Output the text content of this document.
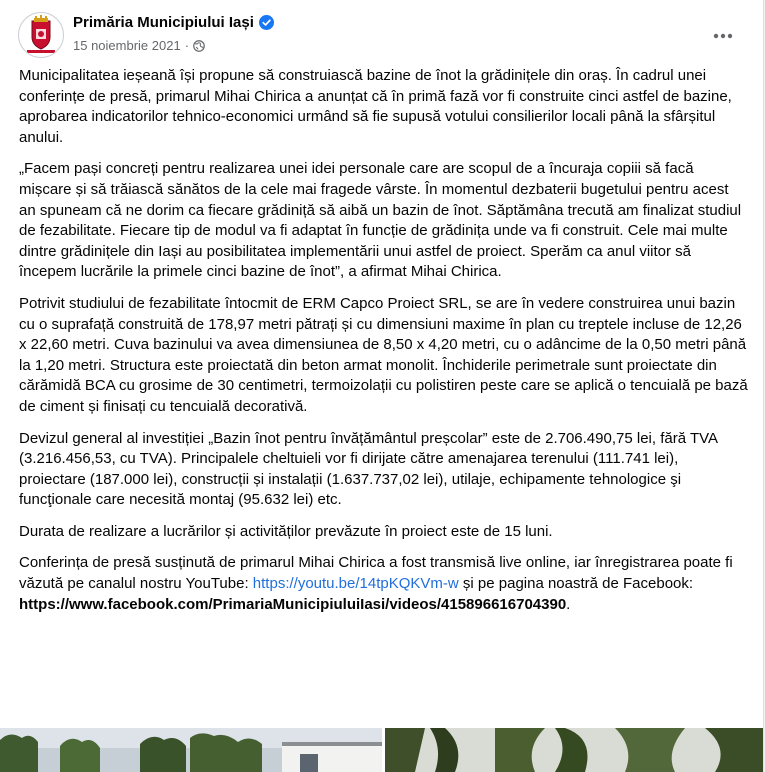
Primăria Municipiului Iași
15 noiembrie 2021 ·

Municipalitatea ieșeană își propune să construiască bazine de înot la grădinițele din oraș. În cadrul unei conferințe de presă, primarul Mihai Chirica a anunțat că în primă fază vor fi construite cinci astfel de bazine, aprobarea indicatorilor tehnico-economici urmând să fie supusă votului consilierilor locali până la sfârșitul anului.

„Facem pași concreți pentru realizarea unei idei personale care are scopul de a încuraja copiii să facă mișcare și să trăiască sănătos de la cele mai fragede vârste. În momentul dezbaterii bugetului pentru acest an spuneam că ne dorim ca fiecare grădiniță să aibă un bazin de înot. Săptămâna trecută am finalizat studiul de fezabilitate. Fiecare tip de modul va fi adaptat în funcție de grădinița unde va fi construit. Cele mai multe dintre grădinițele din Iași au posibilitatea implementării unui astfel de proiect. Sperăm ca anul viitor să începem lucrările la primele cinci bazine de înot”, a afirmat Mihai Chirica.

Potrivit studiului de fezabilitate întocmit de ERM Capco Proiect SRL, se are în vedere construirea unui bazin cu o suprafață construită de 178,97 metri pătrați și cu dimensiuni maxime în plan cu treptele incluse de 12,26 x 22,60 metri. Cuva bazinului va avea dimensiunea de 8,50 x 4,20 metri, cu o adâncime de la 0,50 metri până la 1,20 metri. Structura este proiectată din beton armat monolit. Închiderile perimetrale sunt proiectate din cărămidă BCA cu grosime de 30 centimetri, termoizolații cu polistiren peste care se aplică o tencuială pe bază de ciment și finisați cu tencuială decorativă.

Devizul general al investiției „Bazin înot pentru învățământul preșcolar” este de 2.706.490,75 lei, fără TVA (3.216.456,53, cu TVA). Principalele cheltuieli vor fi dirijate către amenajarea terenului (111.741 lei), proiectare (187.000 lei), construcții și instalații (1.637.737,02 lei), utilaje, echipamente tehnologice şi funcţionale care necesită montaj (95.632 lei) etc.

Durata de realizare a lucrărilor și activităților prevăzute în proiect este de 15 luni.

Conferința de presă susținută de primarul Mihai Chirica a fost transmisă live online, iar înregistrarea poate fi văzută pe canalul nostru YouTube: https://youtu.be/14tpKQKVm-w și pe pagina noastră de Facebook: https://www.facebook.com/PrimariaMunicipiuluiIasi/videos/415896616704390.
